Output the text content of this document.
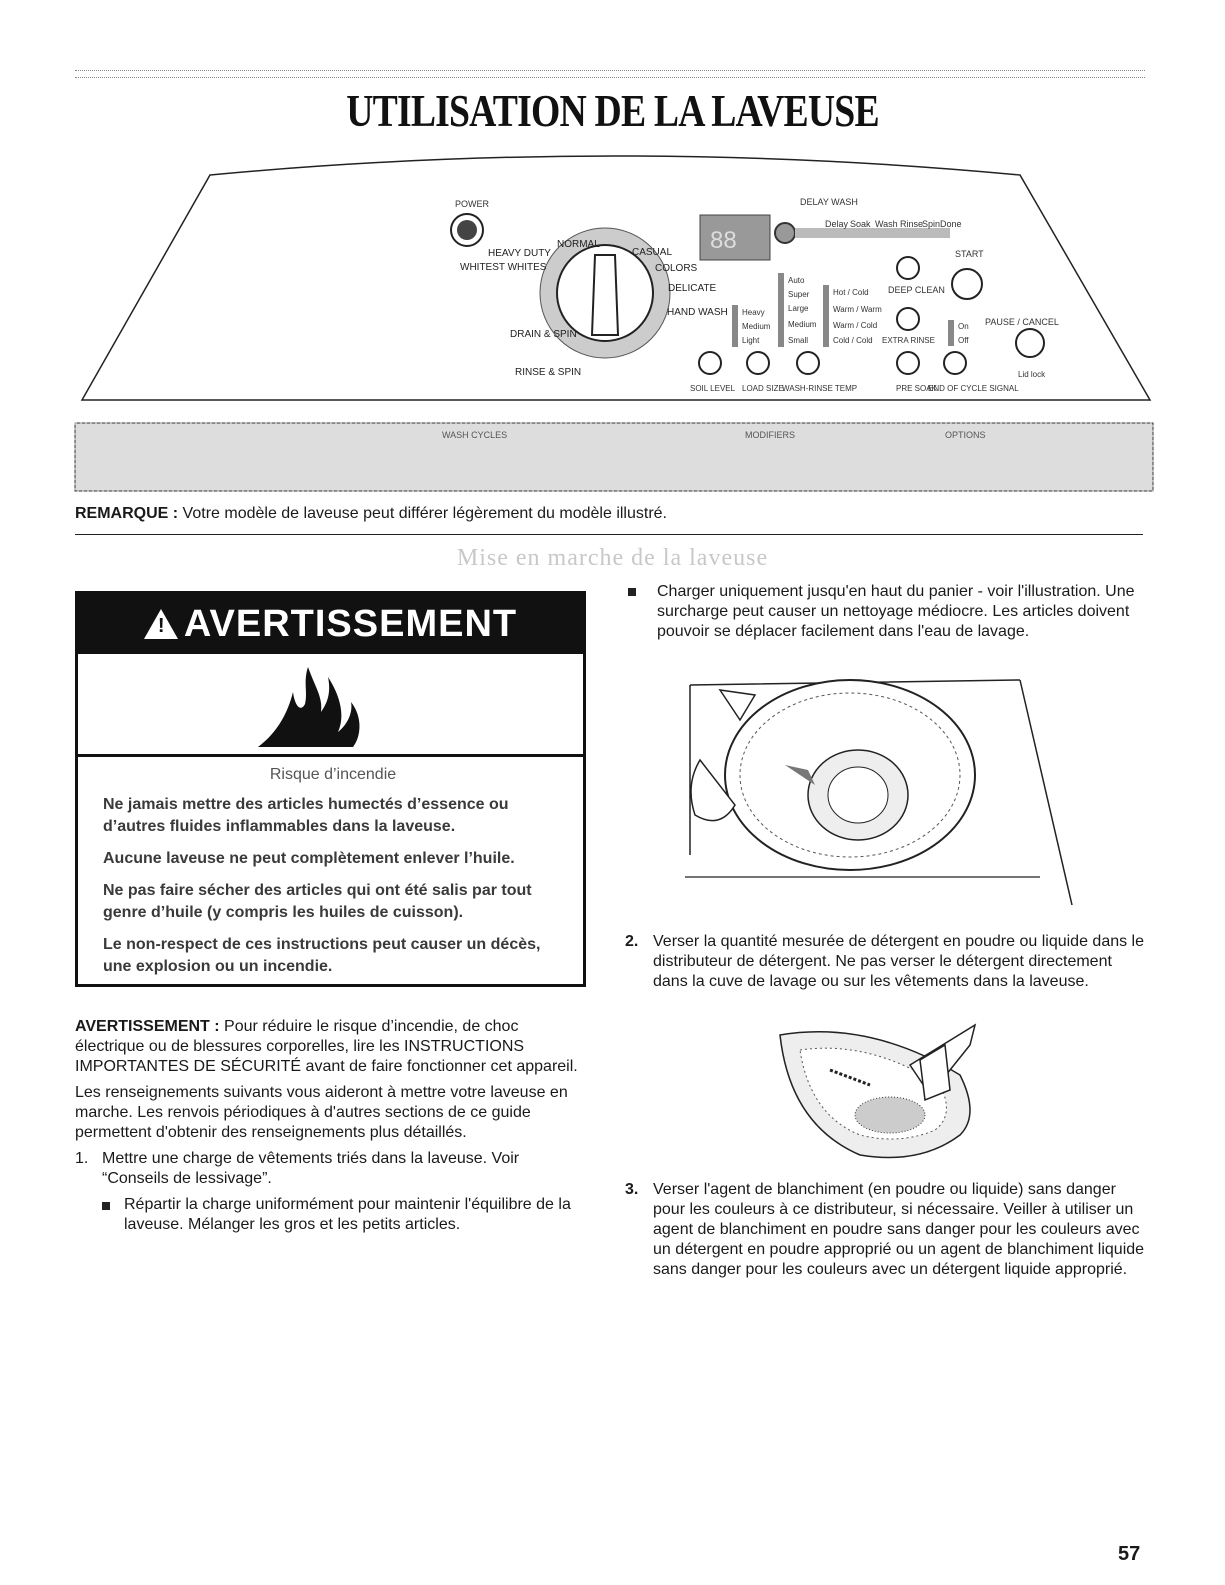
UTILISATION DE LA LAVEUSE
WASH CYCLES	MODIFIERS	OPTIONS
POWER
HEAVY DUTY
NORMAL
CASUAL
WHITEST WHITES	COLORS
DELICATE
HAND WASH
DRAIN & SPIN
RINSE & SPIN
88
DELAY WASH
Delay Soak Wash Rinse
Spin Done
START
PAUSE / CANCEL
DEEP CLEAN
Heavy
Medium
Light
Auto
Super
Large
Medium
Small
Hot / Cold
Warm / Warm
Warm / Cold
Cold / Cold EXTRA RINSE
On
Off
SOIL LEVEL LOAD SIZE
WASH-RINSE TEMP	PRE SOAK
END OF CYCLE SIGNAL
Lid lock
REMARQUE : Votre modèle de laveuse peut différer légèrement du modèle illustré.
Mise en marche de la laveuse
! AVERTISSEMENT
Risque d’incendie

Ne jamais mettre des articles humectés d’essence ou d’autres fluides inflammables dans la laveuse.

Aucune laveuse ne peut complètement enlever l’huile.

Ne pas faire sécher des articles qui ont été salis par tout genre d’huile (y compris les huiles de cuisson).

Le non-respect de ces instructions peut causer un décès, une explosion ou un incendie.

AVERTISSEMENT : Pour réduire le risque d’incendie, de choc électrique ou de blessures corporelles, lire les INSTRUCTIONS IMPORTANTES DE SÉCURITÉ avant de faire fonctionner cet appareil.

Les renseignements suivants vous aideront à mettre votre laveuse en marche. Les renvois périodiques à d'autres sections de ce guide permettent d'obtenir des renseignements plus détaillés.

1. Mettre une charge de vêtements triés dans la laveuse. Voir “Conseils de lessivage”.
Répartir la charge uniformément pour maintenir l'équilibre de la laveuse. Mélanger les gros et les petits articles.
Charger uniquement jusqu'en haut du panier - voir l'illustration. Une surcharge peut causer un nettoyage médiocre. Les articles doivent pouvoir se déplacer facilement dans l'eau de lavage.
2. Verser la quantité mesurée de détergent en poudre ou liquide dans le distributeur de détergent. Ne pas verser le détergent directement dans la cuve de lavage ou sur les vêtements dans la laveuse.
3. Verser l'agent de blanchiment (en poudre ou liquide) sans danger pour les couleurs à ce distributeur, si nécessaire. Veiller à utiliser un agent de blanchiment en poudre sans danger pour les couleurs avec un détergent en poudre approprié ou un agent de blanchiment liquide sans danger pour les couleurs avec un détergent liquide approprié.
57
